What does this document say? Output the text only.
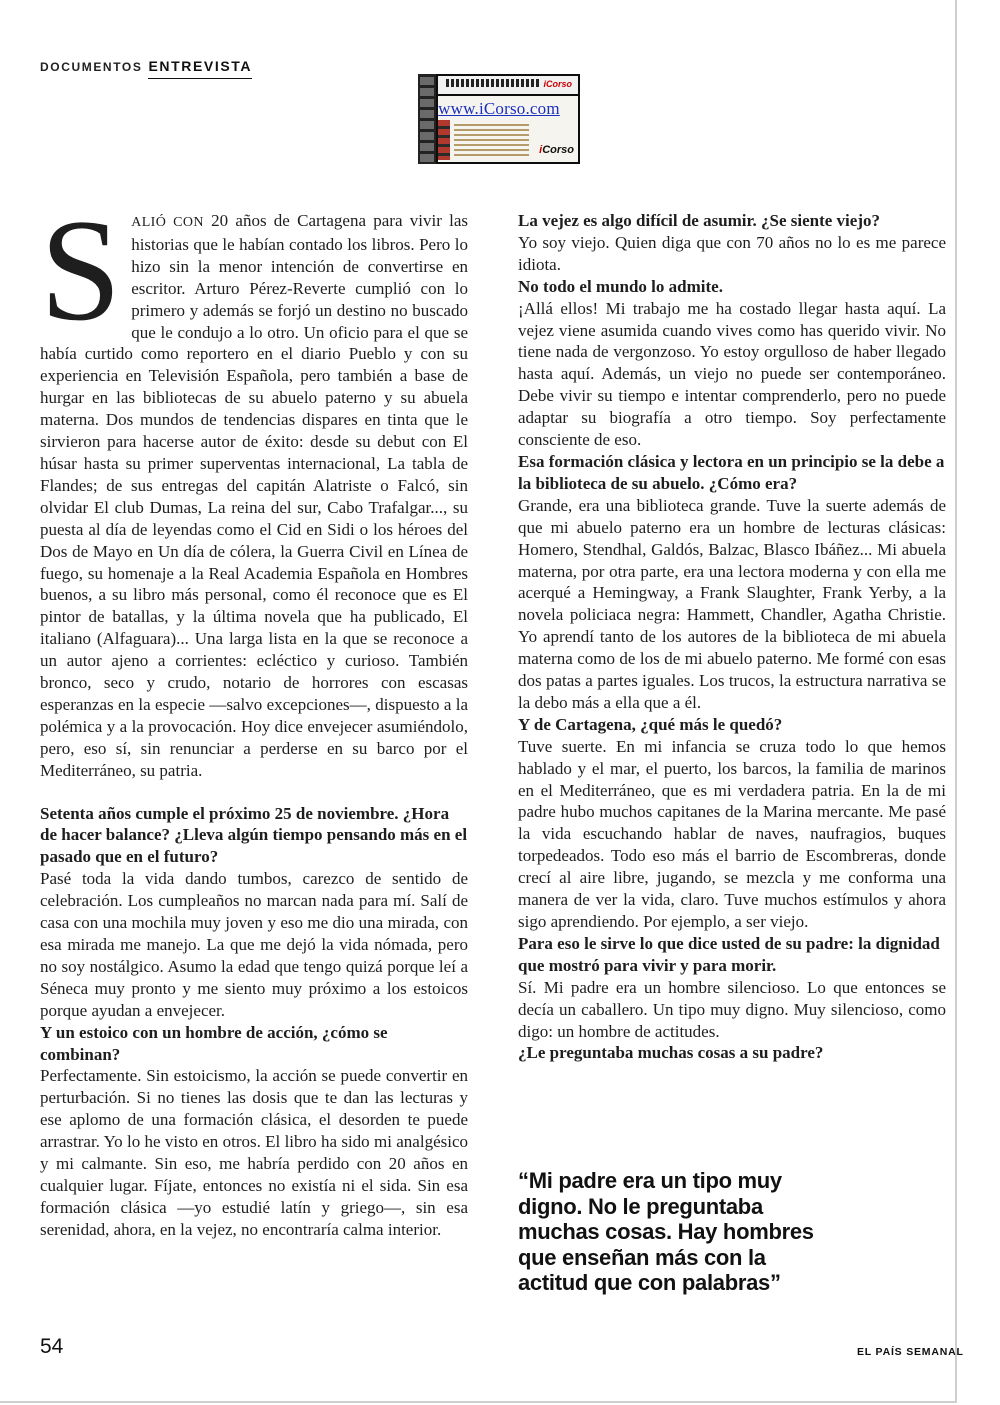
DOCUMENTOS ENTREVISTA
iCorso
www.iCorso.com
iCorso

SALIÓ CON 20 años de Cartagena para vivir las historias que le habían contado los libros. Pero lo hizo sin la menor intención de convertirse en escritor. Arturo Pérez-Reverte cumplió con lo primero y además se forjó un destino no buscado que le condujo a lo otro. Un oficio para el que se había curtido como reportero en el diario Pueblo y con su experiencia en Televisión Española, pero también a base de hurgar en las bibliotecas de su abuelo paterno y su abuela materna. Dos mundos de tendencias dispares en tinta que le sirvieron para hacerse autor de éxito: desde su debut con El húsar hasta su primer superventas internacional, La tabla de Flandes; de sus entregas del capitán Alatriste o Falcó, sin olvidar El club Dumas, La reina del sur, Cabo Trafalgar..., su puesta al día de leyendas como el Cid en Sidi o los héroes del Dos de Mayo en Un día de cólera, la Guerra Civil en Línea de fuego, su homenaje a la Real Academia Española en Hombres buenos, a su libro más personal, como él reconoce que es El pintor de batallas, y la última novela que ha publicado, El italiano (Alfaguara)... Una larga lista en la que se reconoce a un autor ajeno a corrientes: ecléctico y curioso. También bronco, seco y crudo, notario de horrores con escasas esperanzas en la especie —salvo excepciones—, dispuesto a la polémica y a la provocación. Hoy dice envejecer asumiéndolo, pero, eso sí, sin renunciar a perderse en su barco por el Mediterráneo, su patria.

Setenta años cumple el próximo 25 de noviembre. ¿Hora de hacer balance? ¿Lleva algún tiempo pensando más en el pasado que en el futuro?

Pasé toda la vida dando tumbos, carezco de sentido de celebración. Los cumpleaños no marcan nada para mí. Salí de casa con una mochila muy joven y eso me dio una mirada, con esa mirada me manejo. La que me dejó la vida nómada, pero no soy nostálgico. Asumo la edad que tengo quizá porque leí a Séneca muy pronto y me siento muy próximo a los estoicos porque ayudan a envejecer.

Y un estoico con un hombre de acción, ¿cómo se combinan?

Perfectamente. Sin estoicismo, la acción se puede convertir en perturbación. Si no tienes las dosis que te dan las lecturas y ese aplomo de una formación clásica, el desorden te puede arrastrar. Yo lo he visto en otros. El libro ha sido mi analgésico y mi calmante. Sin eso, me habría perdido con 20 años en cualquier lugar. Fíjate, entonces no existía ni el sida. Sin esa formación clásica —yo estudié latín y griego—, sin esa serenidad, ahora, en la vejez, no encontraría calma interior.

La vejez es algo difícil de asumir. ¿Se siente viejo?

Yo soy viejo. Quien diga que con 70 años no lo es me parece idiota.

No todo el mundo lo admite.

¡Allá ellos! Mi trabajo me ha costado llegar hasta aquí. La vejez viene asumida cuando vives como has querido vivir. No tiene nada de vergonzoso. Yo estoy orgulloso de haber llegado hasta aquí. Además, un viejo no puede ser contemporáneo. Debe vivir su tiempo e intentar comprenderlo, pero no puede adaptar su biografía a otro tiempo. Soy perfectamente consciente de eso.

Esa formación clásica y lectora en un principio se la debe a la biblioteca de su abuelo. ¿Cómo era?

Grande, era una biblioteca grande. Tuve la suerte además de que mi abuelo paterno era un hombre de lecturas clásicas: Homero, Stendhal, Galdós, Balzac, Blasco Ibáñez... Mi abuela materna, por otra parte, era una lectora moderna y con ella me acerqué a Hemingway, a Frank Slaughter, Frank Yerby, a la novela policiaca negra: Hammett, Chandler, Agatha Christie. Yo aprendí tanto de los autores de la biblioteca de mi abuela materna como de los de mi abuelo paterno. Me formé con esas dos patas a partes iguales. Los trucos, la estructura narrativa se la debo más a ella que a él.

Y de Cartagena, ¿qué más le quedó?

Tuve suerte. En mi infancia se cruza todo lo que hemos hablado y el mar, el puerto, los barcos, la familia de marinos en el Mediterráneo, que es mi verdadera patria. En la de mi padre hubo muchos capitanes de la Marina mercante. Me pasé la vida escuchando hablar de naves, naufragios, buques torpedeados. Todo eso más el barrio de Escombreras, donde crecí al aire libre, jugando, se mezcla y me conforma una manera de ver la vida, claro. Tuve muchos estímulos y ahora sigo aprendiendo. Por ejemplo, a ser viejo.

Para eso le sirve lo que dice usted de su padre: la dignidad que mostró para vivir y para morir.

Sí. Mi padre era un hombre silencioso. Lo que entonces se decía un caballero. Un tipo muy digno. Muy silencioso, como digo: un hombre de actitudes.

¿Le preguntaba muchas cosas a su padre?

“Mi padre era un tipo muy digno. No le preguntaba muchas cosas. Hay hombres que enseñan más con la actitud que con palabras”
54	EL PAÍS SEMANAL
